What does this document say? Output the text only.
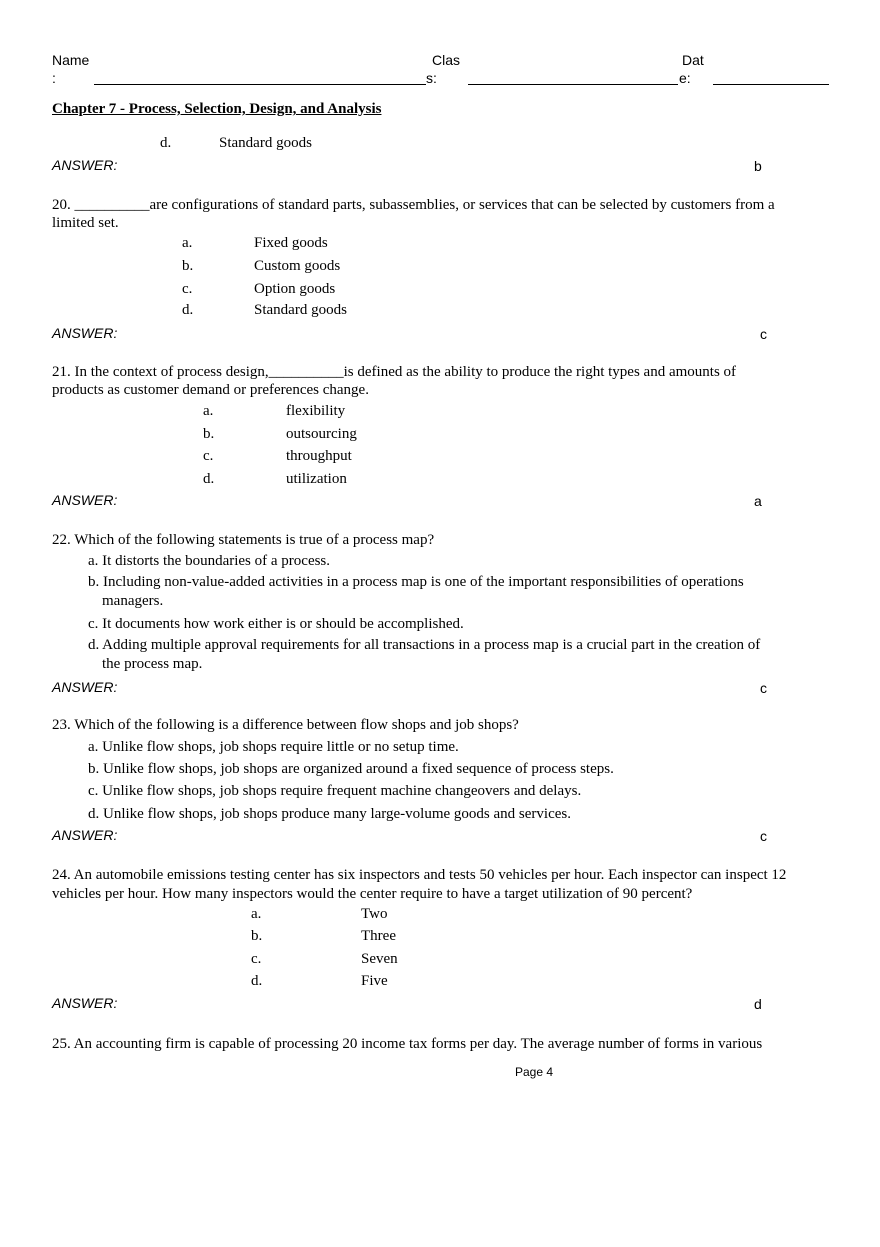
Name
:
Clas
s:
Dat
e:
Chapter 7 - Process, Selection, Design, and Analysis
d.	Standard goods
ANSWER:	b
20. __________are configurations of standard parts, subassemblies, or services that can be selected by customers from a
limited set.
a.	Fixed goods
b.	Custom goods
c.	Option goods
d.	Standard goods
ANSWER:	c
21. In the context of process design,__________is defined as the ability to produce the right types and amounts of
products as customer demand or preferences change.
a.	flexibility
b.	outsourcing
c.	throughput
d.	utilization
ANSWER:	a
22. Which of the following statements is true of a process map?
a. It distorts the boundaries of a process.
b. Including non-value-added activities in a process map is one of the important responsibilities of operations
managers.
c. It documents how work either is or should be accomplished.
d. Adding multiple approval requirements for all transactions in a process map is a crucial part in the creation of
the process map.
ANSWER:	c
23. Which of the following is a difference between flow shops and job shops?
a. Unlike flow shops, job shops require little or no setup time.
b. Unlike flow shops, job shops are organized around a fixed sequence of process steps.
c. Unlike flow shops, job shops require frequent machine changeovers and delays.
d. Unlike flow shops, job shops produce many large-volume goods and services.
ANSWER:	c
24. An automobile emissions testing center has six inspectors and tests 50 vehicles per hour. Each inspector can inspect 12
vehicles per hour. How many inspectors would the center require to have a target utilization of 90 percent?
a.	Two
b.	Three
c.	Seven
d.	Five
ANSWER:	d
25. An accounting firm is capable of processing 20 income tax forms per day. The average number of forms in various
Page 4
